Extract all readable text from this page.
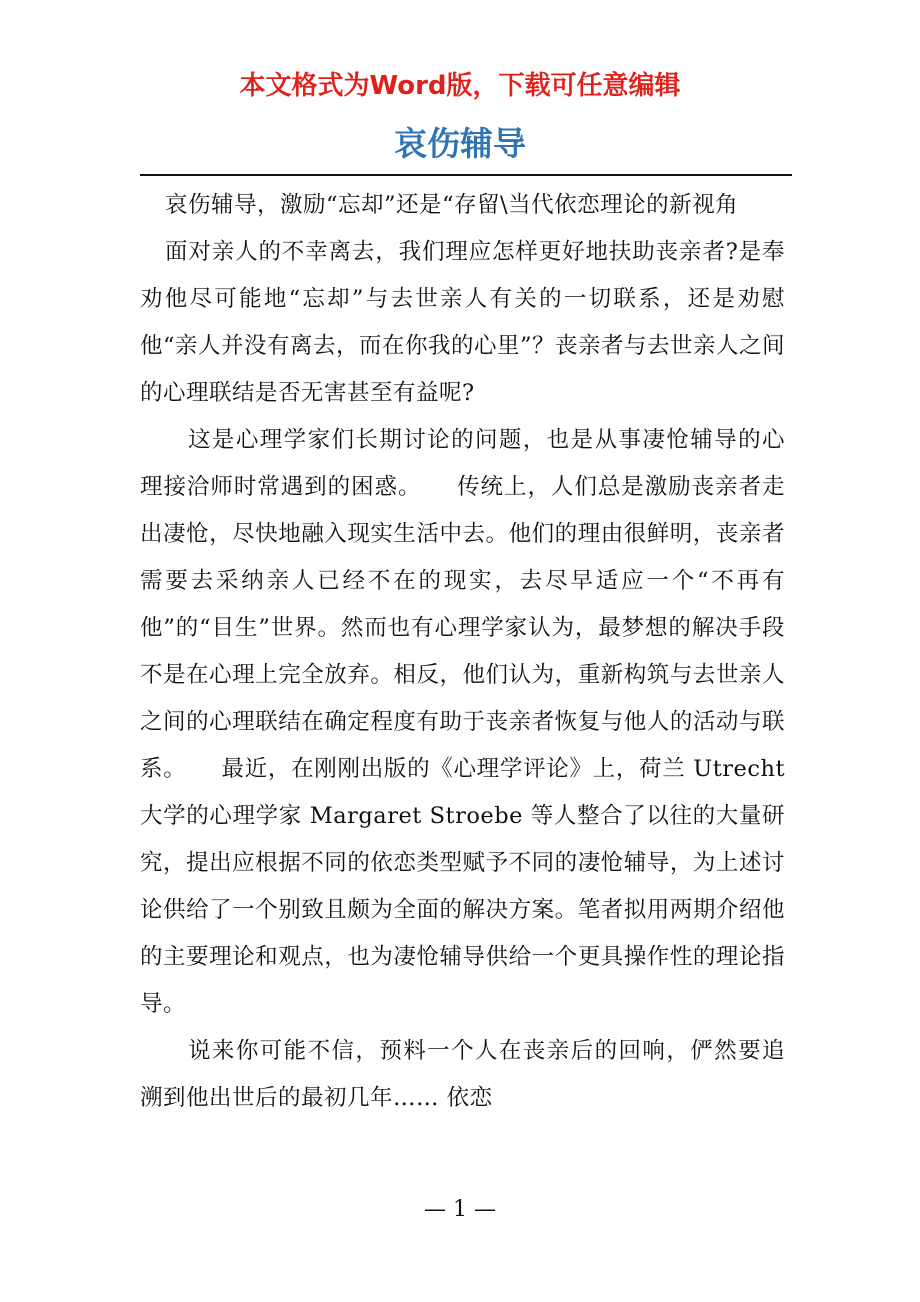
本文格式为Word版，下载可任意编辑
哀伤辅导

哀伤辅导，激励“忘却”还是“存留\当代依恋理论的新视角

面对亲人的不幸离去，我们理应怎样更好地扶助丧亲者?是奉劝他尽可能地“忘却”与去世亲人有关的一切联系，还是劝慰他“亲人并没有离去，而在你我的心里”？丧亲者与去世亲人之间的心理联结是否无害甚至有益呢?

这是心理学家们长期讨论的问题，也是从事凄怆辅导的心理接洽师时常遇到的困惑。　　传统上，人们总是激励丧亲者走出凄怆，尽快地融入现实生活中去。他们的理由很鲜明，丧亲者需要去采纳亲人已经不在的现实，去尽早适应一个“不再有他”的“目生”世界。然而也有心理学家认为，最梦想的解决手段不是在心理上完全放弃。相反，他们认为，重新构筑与去世亲人之间的心理联结在确定程度有助于丧亲者恢复与他人的活动与联系。　　最近，在刚刚出版的《心理学评论》上，荷兰 Utrecht 大学的心理学家 Margaret Stroebe 等人整合了以往的大量研究，提出应根据不同的依恋类型赋予不同的凄怆辅导，为上述讨论供给了一个别致且颇为全面的解决方案。笔者拟用两期介绍他的主要理论和观点，也为凄怆辅导供给一个更具操作性的理论指导。

说来你可能不信，预料一个人在丧亲后的回响，俨然要追溯到他出世后的最初几年…… 依恋

— 1 —
